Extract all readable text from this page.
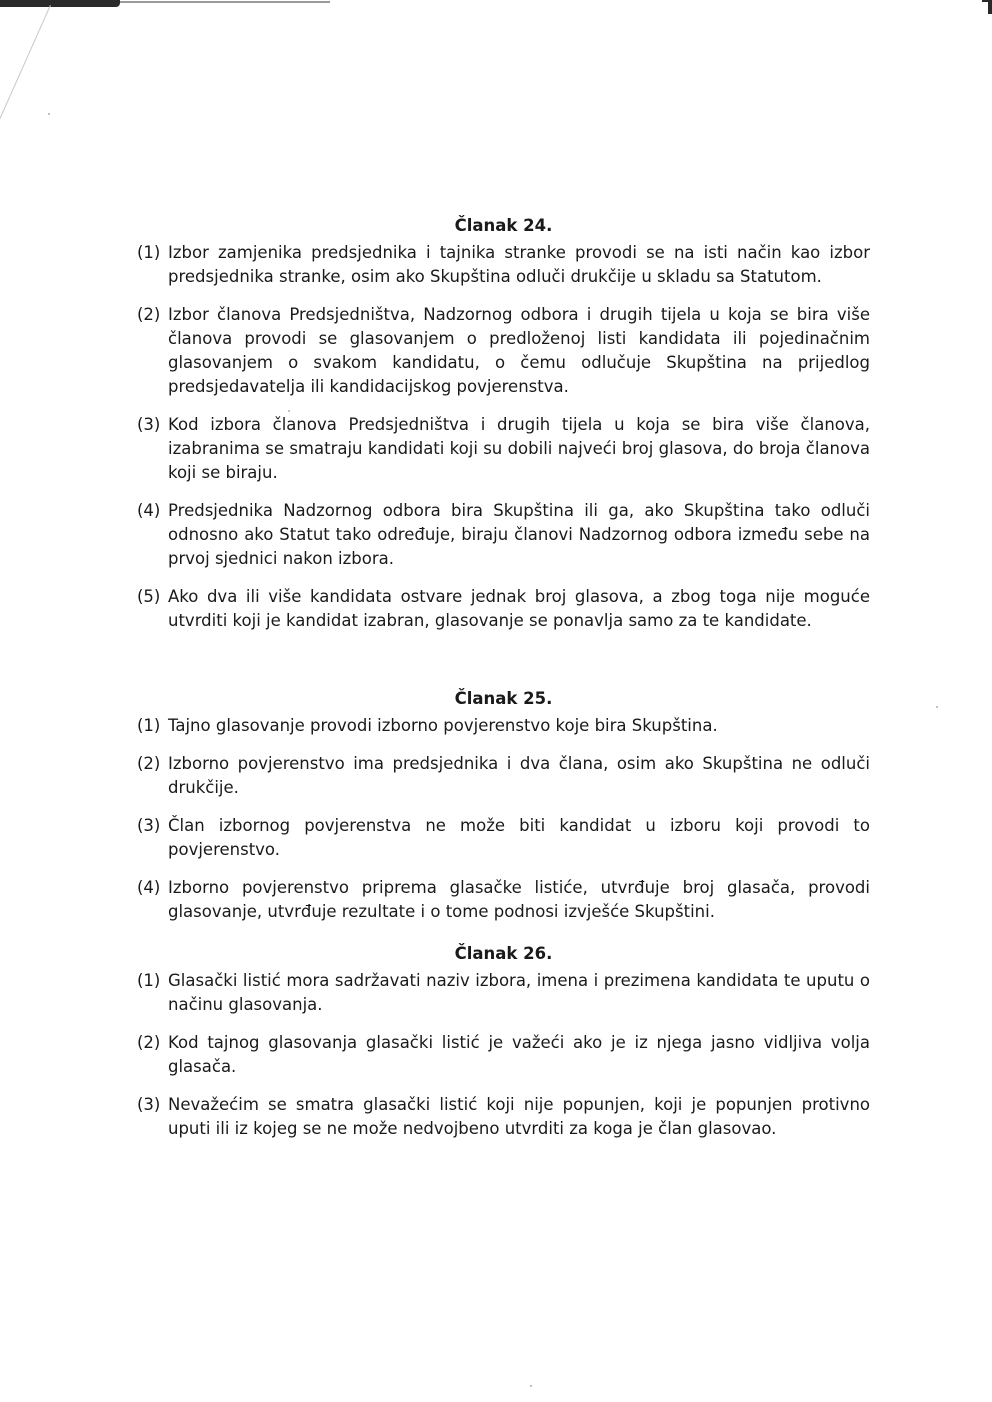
Članak 24.
(1) Izbor zamjenika predsjednika i tajnika stranke provodi se na isti način kao izbor predsjednika stranke, osim ako Skupština odluči drukčije u skladu sa Statutom.
(2) Izbor članova Predsjedništva, Nadzornog odbora i drugih tijela u koja se bira više članova provodi se glasovanjem o predloženoj listi kandidata ili pojedinačnim glasovanjem o svakom kandidatu, o čemu odlučuje Skupština na prijedlog predsjedavatelja ili kandidacijskog povjerenstva.
(3) Kod izbora članova Predsjedništva i drugih tijela u koja se bira više članova, izabranima se smatraju kandidati koji su dobili najveći broj glasova, do broja članova koji se biraju.
(4) Predsjednika Nadzornog odbora bira Skupština ili ga, ako Skupština tako odluči odnosno ako Statut tako određuje, biraju članovi Nadzornog odbora između sebe na prvoj sjednici nakon izbora.
(5) Ako dva ili više kandidata ostvare jednak broj glasova, a zbog toga nije moguće utvrditi koji je kandidat izabran, glasovanje se ponavlja samo za te kandidate.
Članak 25.
(1) Tajno glasovanje provodi izborno povjerenstvo koje bira Skupština.
(2) Izborno povjerenstvo ima predsjednika i dva člana, osim ako Skupština ne odluči drukčije.
(3) Član izbornog povjerenstva ne može biti kandidat u izboru koji provodi to povjerenstvo.
(4) Izborno povjerenstvo priprema glasačke listiće, utvrđuje broj glasača, provodi glasovanje, utvrđuje rezultate i o tome podnosi izvješće Skupštini.
Članak 26.
(1) Glasački listić mora sadržavati naziv izbora, imena i prezimena kandidata te uputu o načinu glasovanja.
(2) Kod tajnog glasovanja glasački listić je važeći ako je iz njega jasno vidljiva volja glasača.
(3) Nevažećim se smatra glasački listić koji nije popunjen, koji je popunjen protivno uputi ili iz kojeg se ne može nedvojbeno utvrditi za koga je član glasovao.
